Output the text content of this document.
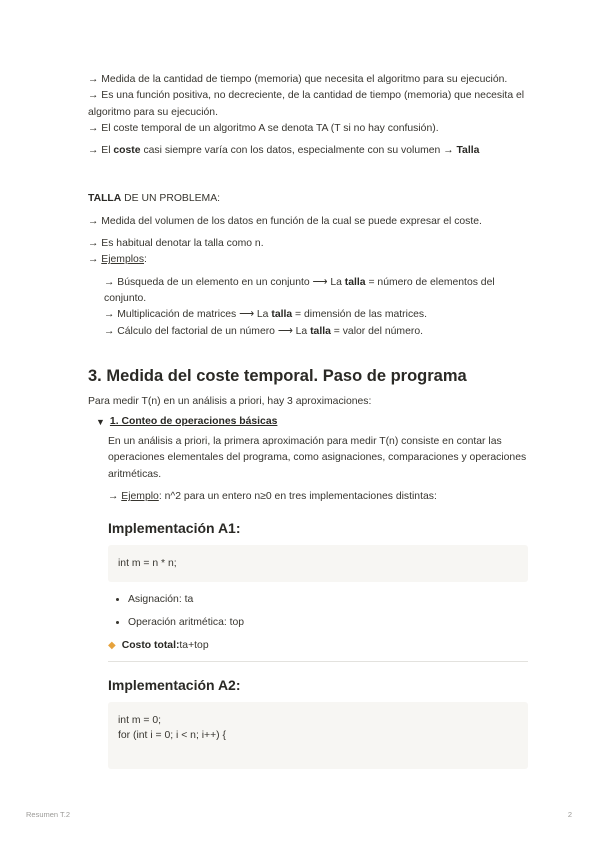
→ Medida de la cantidad de tiempo (memoria) que necesita el algoritmo para su ejecución.

→ Es una función positiva, no decreciente, de la cantidad de tiempo (memoria) que necesita el algoritmo para su ejecución.

→ El coste temporal de un algoritmo A se denota TA (T si no hay confusión).

→ El coste casi siempre varía con los datos, especialmente con su volumen → Talla

TALLA DE UN PROBLEMA:

→ Medida del volumen de los datos en función de la cual se puede expresar el coste.

→ Es habitual denotar la talla como n.

→ Ejemplos:

→ Búsqueda de un elemento en un conjunto ⟶ La talla = número de elementos del conjunto.

→ Multiplicación de matrices ⟶ La talla = dimensión de las matrices.

→ Cálculo del factorial de un número ⟶ La talla = valor del número.

3. Medida del coste temporal. Paso de programa

Para medir T(n) en un análisis a priori, hay 3 aproximaciones:

▼ 1. Conteo de operaciones básicas

En un análisis a priori, la primera aproximación para medir T(n) consiste en contar las operaciones elementales del programa, como asignaciones, comparaciones y operaciones aritméticas.

→ Ejemplo: n^2 para un entero n≥0 en tres implementaciones distintas:

Implementación A1:
int m = n * n;
• Asignación: ta
• Operación aritmética: top
◆ Costo total: ta+top
Implementación A2:
int m = 0;
for (int i = 0; i < n; i++) {

Resumen T.2	2
